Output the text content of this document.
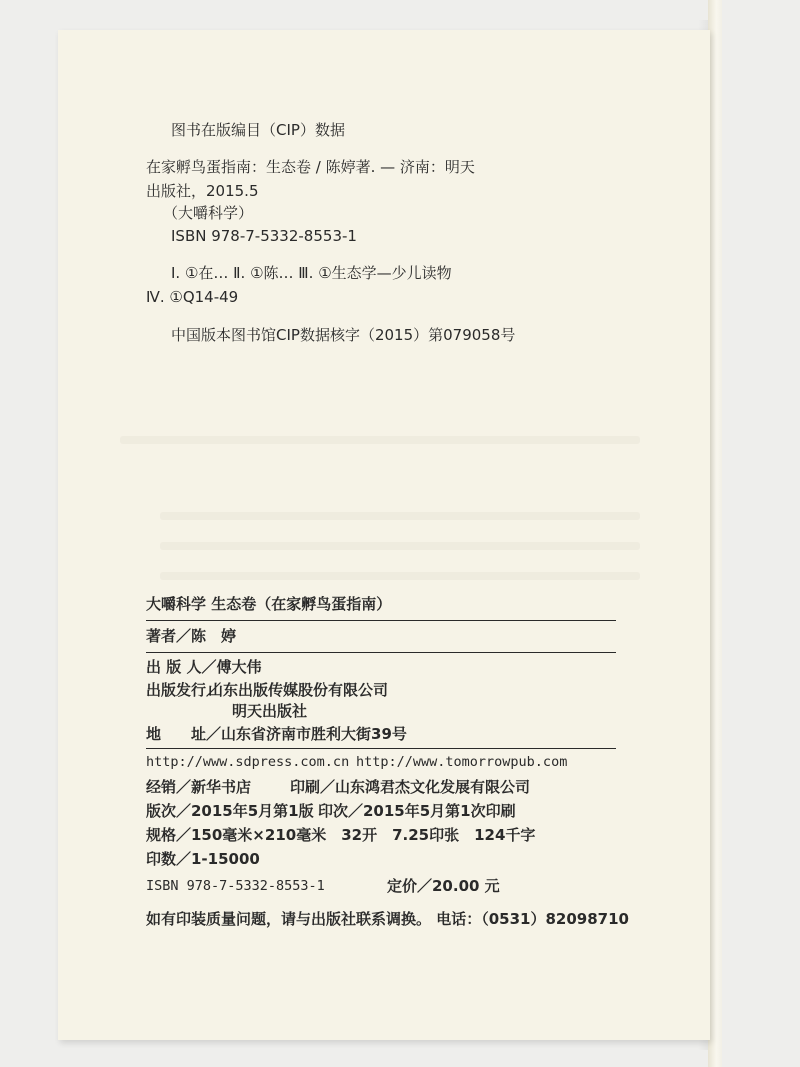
图书在版编目（CIP）数据
在家孵鸟蛋指南：生态卷 / 陈婷著. — 济南：明天
出版社，2015.5
（大嚼科学）
ISBN 978-7-5332-8553-1
Ⅰ. ①在… Ⅱ. ①陈… Ⅲ. ①生态学—少儿读物
Ⅳ. ①Q14-49
中国版本图书馆CIP数据核字（2015）第079058号
大嚼科学 生态卷（在家孵鸟蛋指南）
著者／陈　婷
出 版 人／傅大伟
出版发行／
山东出版传媒股份有限公司
明天出版社
地　　址／山东省济南市胜利大街39号
http://www.sdpress.com.cn http://www.tomorrowpub.com
经销／新华书店	印刷／山东鸿君杰文化发展有限公司
版次／2015年5月第1版 印次／2015年5月第1次印刷
规格／150毫米×210毫米　32开　7.25印张　124千字
印数／1-15000
ISBN 978-7-5332-8553-1	定价／20.00 元
如有印装质量问题，请与出版社联系调换。 电话：（0531）82098710
